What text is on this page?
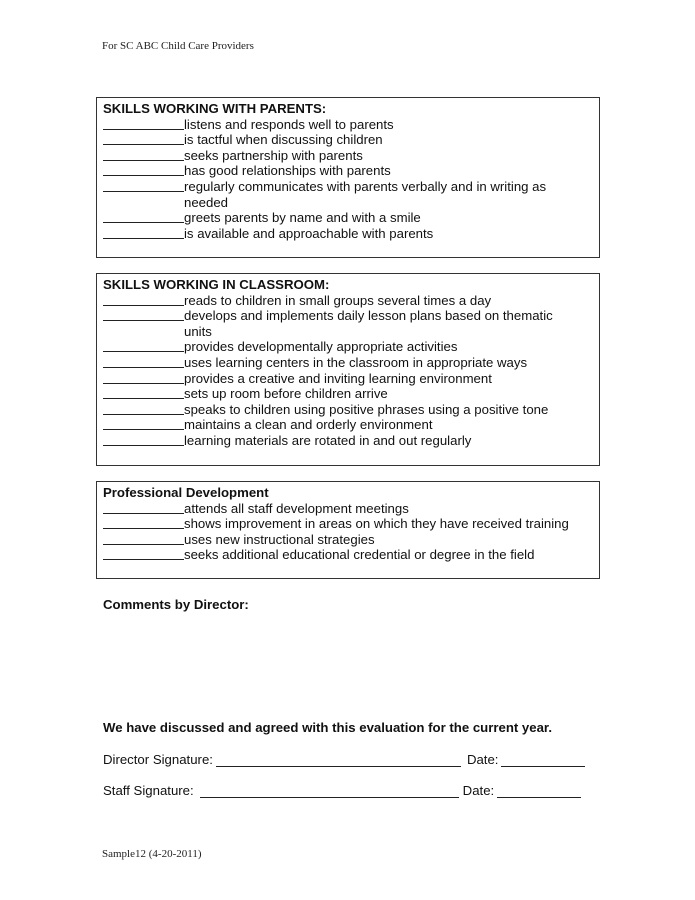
For SC ABC Child Care Providers
SKILLS WORKING WITH PARENTS:
listens and responds well to parents
is tactful when discussing children
seeks partnership with parents
has good relationships with parents
regularly communicates with parents verbally and in writing as needed
greets parents by name and with a smile
is available and approachable with parents
SKILLS WORKING IN CLASSROOM:
reads to children in small groups several times a day
develops and implements daily lesson plans based on thematic units
provides developmentally appropriate activities
uses learning centers in the classroom in appropriate ways
provides a creative and inviting learning environment
sets up room before children arrive
speaks to children using positive phrases using a positive tone
maintains a clean and orderly environment
learning materials are rotated in and out regularly
Professional Development
attends all staff development meetings
shows improvement in areas on which they have received training
uses new instructional strategies
seeks additional educational credential or degree in the field
Comments by Director:
We have discussed and agreed with this evaluation for the current year.
Director Signature:	Date:
Staff Signature:	Date:
Sample12 (4-20-2011)
